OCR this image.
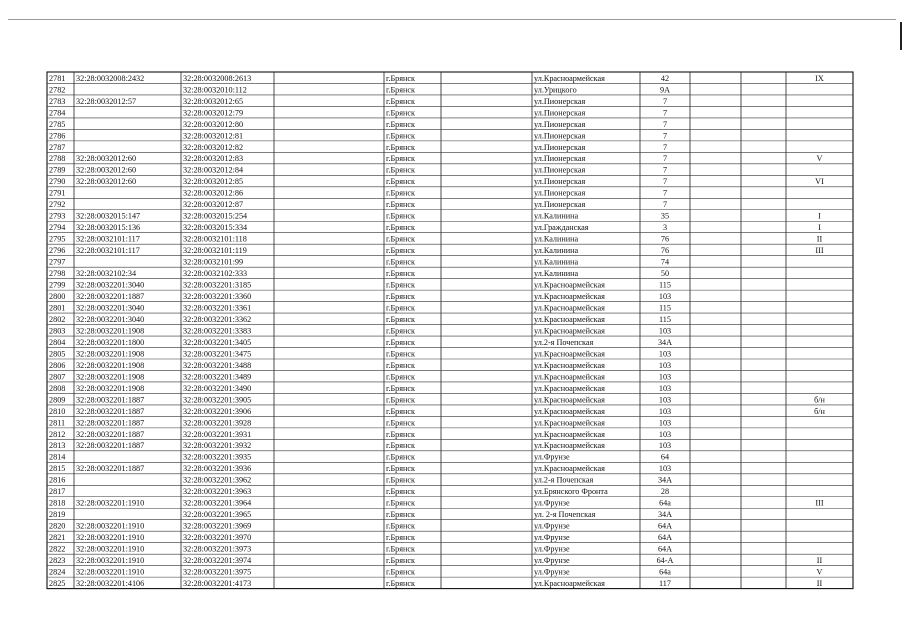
2781 32:28:0032008:2432	32:28:0032008:2613	г.Брянск	ул.Красноармейская	42	IX
2782	32:28:0032010:112	г.Брянск	ул.Урицкого	9А
2783 32:28:0032012:57	32:28:0032012:65	г.Брянск	ул.Пионерская	7
2784	32:28:0032012:79	г.Брянск	ул.Пионерская	7
2785	32:28:0032012:80	г.Брянск	ул.Пионерская	7
2786	32:28:0032012:81	г.Брянск	ул.Пионерская	7
2787	32:28:0032012:82	г.Брянск	ул.Пионерская	7
2788 32:28:0032012:60	32:28:0032012:83	г.Брянск	ул.Пионерская	7	V
2789 32:28:0032012:60	32:28:0032012:84	г.Брянск	ул.Пионерская	7
2790 32:28:0032012:60	32:28:0032012:85	г.Брянск	ул.Пионерская	7	VI
2791	32:28:0032012:86	г.Брянск	ул.Пионерская	7
2792	32:28:0032012:87	г.Брянск	ул.Пионерская	7
2793 32:28:0032015:147	32:28:0032015:254	г.Брянск	ул.Калинина	35	I
2794 32:28:0032015:136	32:28:0032015:334	г.Брянск	ул.Гражданская	3	I
2795 32:28:0032101:117	32:28:0032101:118	г.Брянск	ул.Калинина	76	II
2796 32:28:0032101:117	32:28:0032101:119	г.Брянск	ул.Калинина	76	III
2797	32:28:0032101:99	г.Брянск	ул.Калинина	74
2798 32:28:0032102:34	32:28:0032102:333	г.Брянск	ул.Калинина	50
2799 32:28:0032201:3040	32:28:0032201:3185	г.Брянск	ул.Красноармейская	115
2800 32:28:0032201:1887	32:28:0032201:3360	г.Брянск	ул.Красноармейская	103
2801 32:28:0032201:3040	32:28:0032201:3361	г.Брянск	ул.Красноармейская	115
2802 32:28:0032201:3040	32:28:0032201:3362	г.Брянск	ул.Красноармейская	115
2803 32:28:0032201:1908	32:28:0032201:3383	г.Брянск	ул.Красноармейская	103
2804 32:28:0032201:1800	32:28:0032201:3405	г.Брянск	ул.2-я Почепская	34А
2805 32:28:0032201:1908	32:28:0032201:3475	г.Брянск	ул.Красноармейская	103
2806 32:28:0032201:1908	32:28:0032201:3488	г.Брянск	ул.Красноармейская	103
2807 32:28:0032201:1908	32:28:0032201:3489	г.Брянск	ул.Красноармейская	103
2808 32:28:0032201:1908	32:28:0032201:3490	г.Брянск	ул.Красноармейская	103
2809 32:28:0032201:1887	32:28:0032201:3905	г.Брянск	ул.Красноармейская	103	б/н
2810 32:28:0032201:1887	32:28:0032201:3906	г.Брянск	ул.Красноармейская	103	б/н
2811 32:28:0032201:1887	32:28:0032201:3928	г.Брянск	ул.Красноармейская	103
2812 32:28:0032201:1887	32:28:0032201:3931	г.Брянск	ул.Красноармейская	103
2813 32:28:0032201:1887	32:28:0032201:3932	г.Брянск	ул.Красноармейская	103
2814	32:28:0032201:3935	г.Брянск	ул.Фрунзе	64
2815 32:28:0032201:1887	32:28:0032201:3936	г.Брянск	ул.Красноармейская	103
2816	32:28:0032201:3962	г.Брянск	ул.2-я Почепская	34А
2817	32:28:0032201:3963	г.Брянск	ул.Брянского Фронта	28
2818 32:28:0032201:1910	32:28:0032201:3964	г.Брянск	ул.Фрунзе	64а	III
2819	32:28:0032201:3965	г.Брянск	ул. 2-я Почепская	34А
2820 32:28:0032201:1910	32:28:0032201:3969	г.Брянск	ул.Фрунзе	64А
2821 32:28:0032201:1910	32:28:0032201:3970	г.Брянск	ул.Фрунзе	64А
2822 32:28:0032201:1910	32:28:0032201:3973	г.Брянск	ул.Фрунзе	64А
2823 32:28:0032201:1910	32:28:0032201:3974	г.Брянск	ул.Фрунзе	64-А	II
2824 32:28:0032201:1910	32:28:0032201:3975	г.Брянск	ул.Фрунзе	64а	V
2825 32:28:0032201:4106	32:28:0032201:4173	г.Брянск	ул.Красноармейская	117	II
